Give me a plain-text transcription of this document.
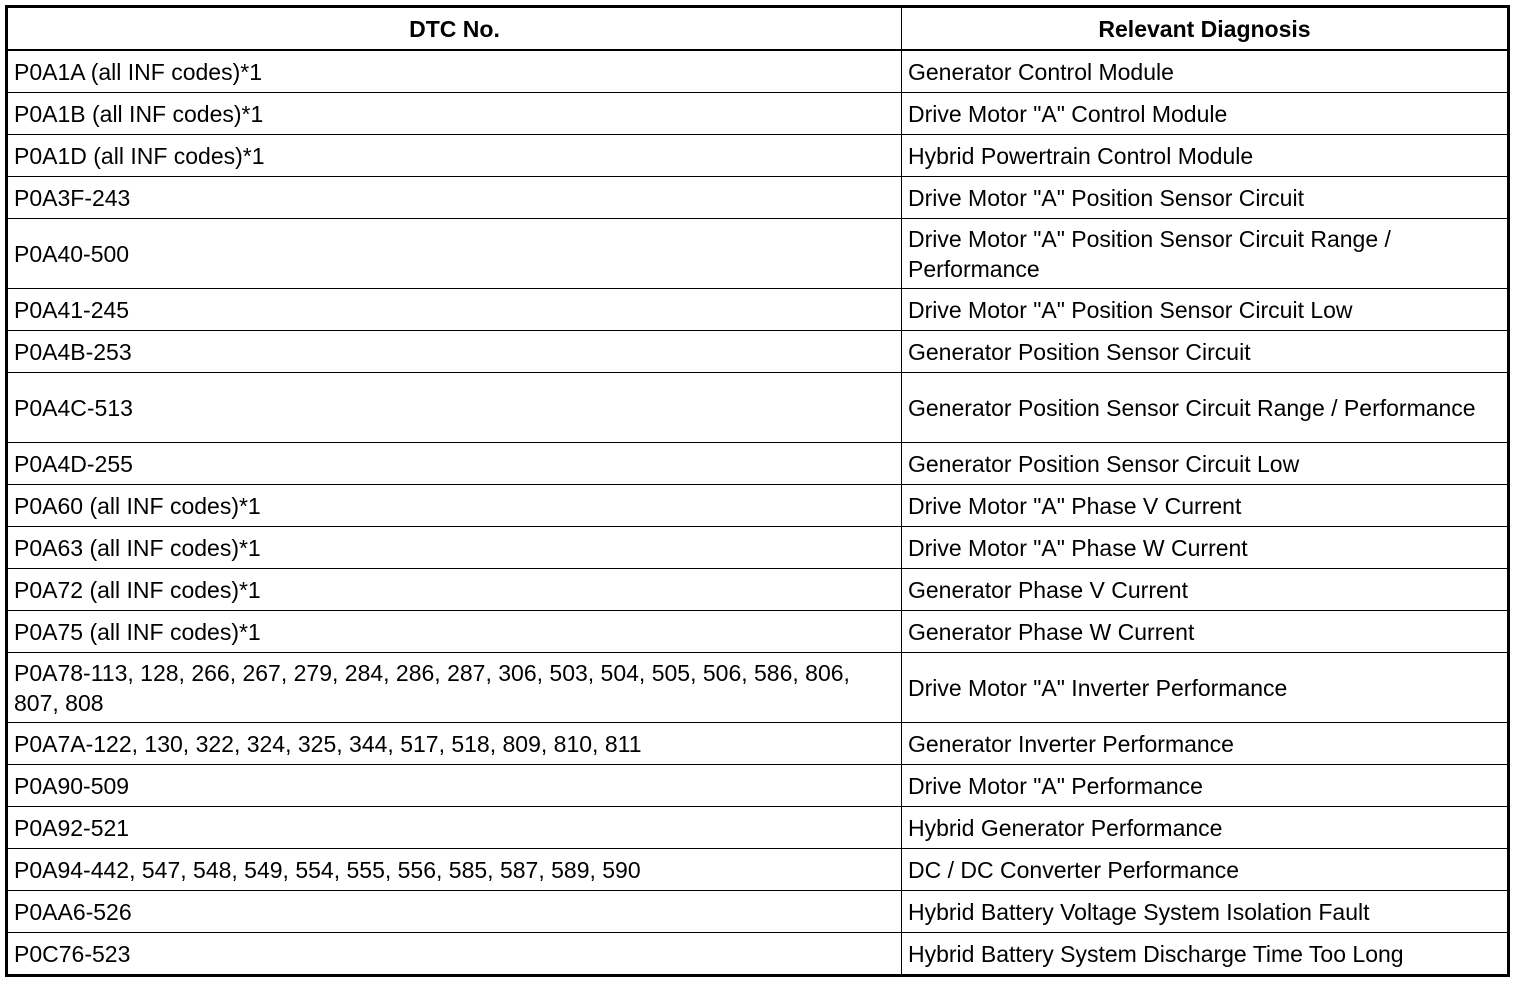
DTC No.	Relevant Diagnosis
P0A1A (all INF codes)*1	Generator Control Module
P0A1B (all INF codes)*1	Drive Motor "A" Control Module
P0A1D (all INF codes)*1	Hybrid Powertrain Control Module
P0A3F-243	Drive Motor "A" Position Sensor Circuit
P0A40-500	Drive Motor "A" Position Sensor Circuit Range / Performance
P0A41-245	Drive Motor "A" Position Sensor Circuit Low
P0A4B-253	Generator Position Sensor Circuit
P0A4C-513	Generator Position Sensor Circuit Range / Performance
P0A4D-255	Generator Position Sensor Circuit Low
P0A60 (all INF codes)*1	Drive Motor "A" Phase V Current
P0A63 (all INF codes)*1	Drive Motor "A" Phase W Current
P0A72 (all INF codes)*1	Generator Phase V Current
P0A75 (all INF codes)*1	Generator Phase W Current
P0A78-113, 128, 266, 267, 279, 284, 286, 287, 306, 503, 504, 505, 506, 586, 806, 807, 808	Drive Motor "A" Inverter Performance
P0A7A-122, 130, 322, 324, 325, 344, 517, 518, 809, 810, 811	Generator Inverter Performance
P0A90-509	Drive Motor "A" Performance
P0A92-521	Hybrid Generator Performance
P0A94-442, 547, 548, 549, 554, 555, 556, 585, 587, 589, 590	DC / DC Converter Performance
P0AA6-526	Hybrid Battery Voltage System Isolation Fault
P0C76-523	Hybrid Battery System Discharge Time Too Long
